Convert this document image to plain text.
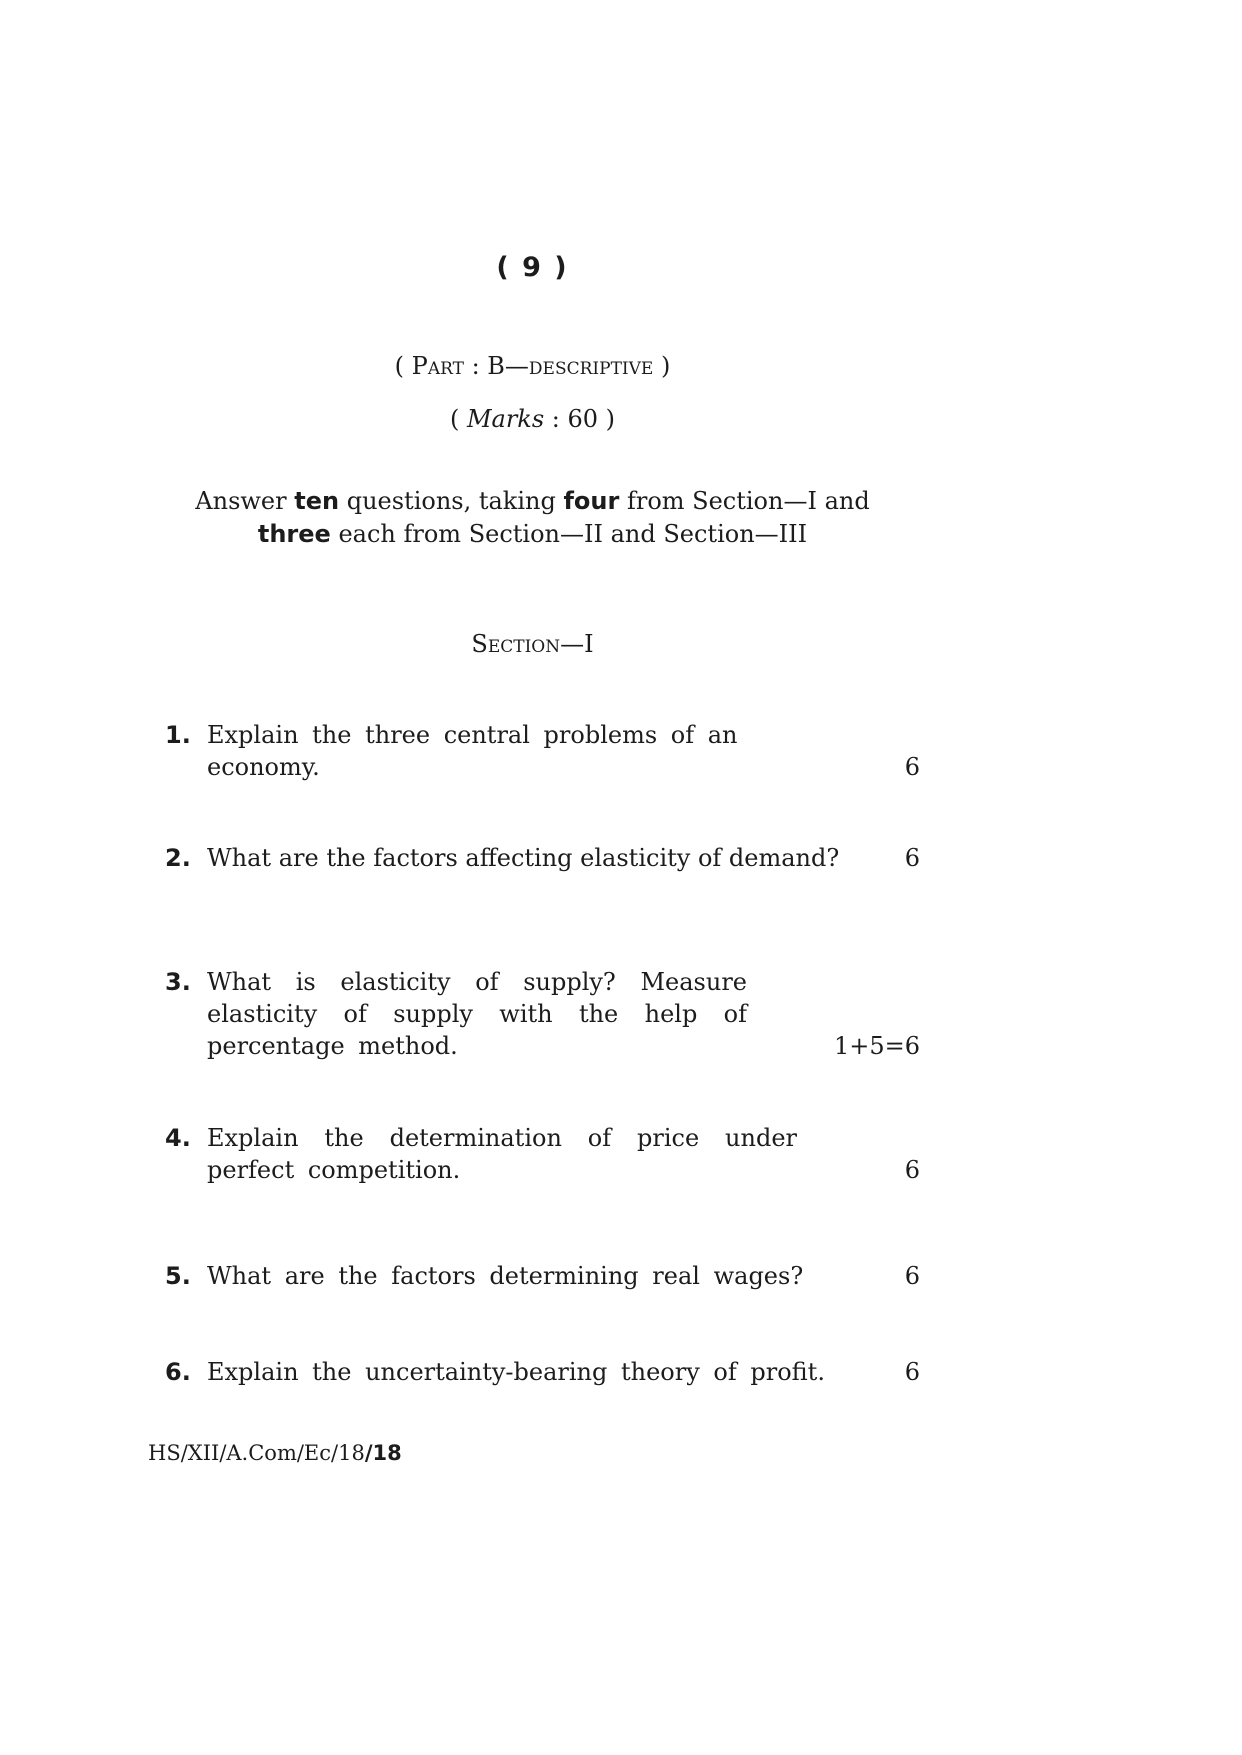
( 9 )
( Part : B—descriptive )
( Marks : 60 )
Answer ten questions, taking four from Section—I and
three each from Section—II and Section—III
Section—I
1. Explain the three central problems of an economy.	6
2. What are the factors affecting elasticity of demand?	6
3. What is elasticity of supply? Measure elasticity of supply with the help of percentage method.	1+5=6
4. Explain the determination of price under perfect competition.	6
5. What are the factors determining real wages?	6
6. Explain the uncertainty-bearing theory of profit.	6
HS/XII/A.Com/Ec/18/18
